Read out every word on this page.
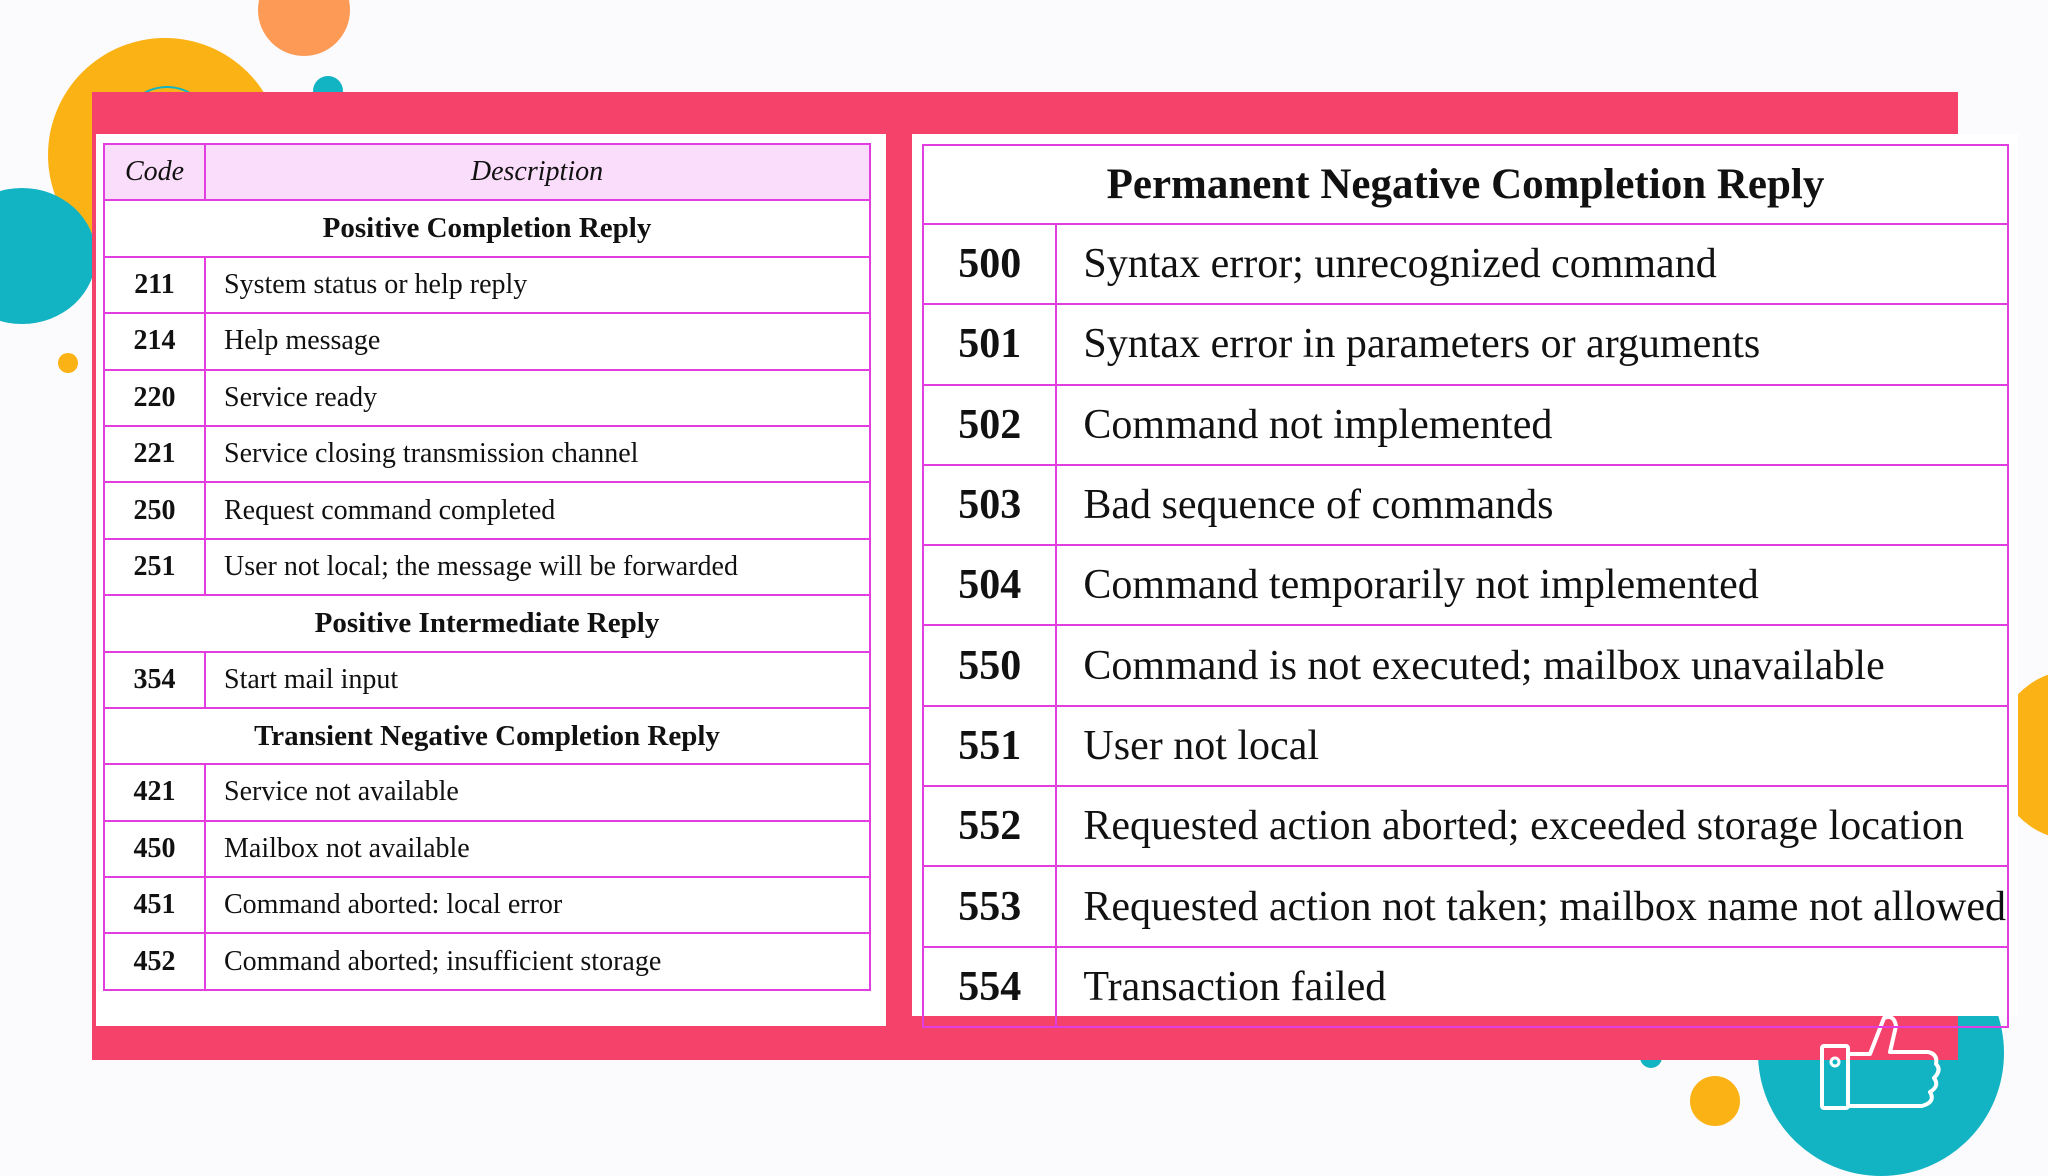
Code	Description
Positive Completion Reply	
211	System status or help reply
214	Help message
220	Service ready
221	Service closing transmission channel
250	Request command completed
251	User not local; the message will be forwarded
Positive Intermediate Reply	
354	Start mail input
Transient Negative Completion Reply	
421	Service not available
450	Mailbox not available
451	Command aborted: local error
452	Command aborted; insufficient storage
Permanent Negative Completion Reply	
500	Syntax error; unrecognized command
501	Syntax error in parameters or arguments
502	Command not implemented
503	Bad sequence of commands
504	Command temporarily not implemented
550	Command is not executed; mailbox unavailable
551	User not local
552	Requested action aborted; exceeded storage location
553	Requested action not taken; mailbox name not allowed
554	Transaction failed
